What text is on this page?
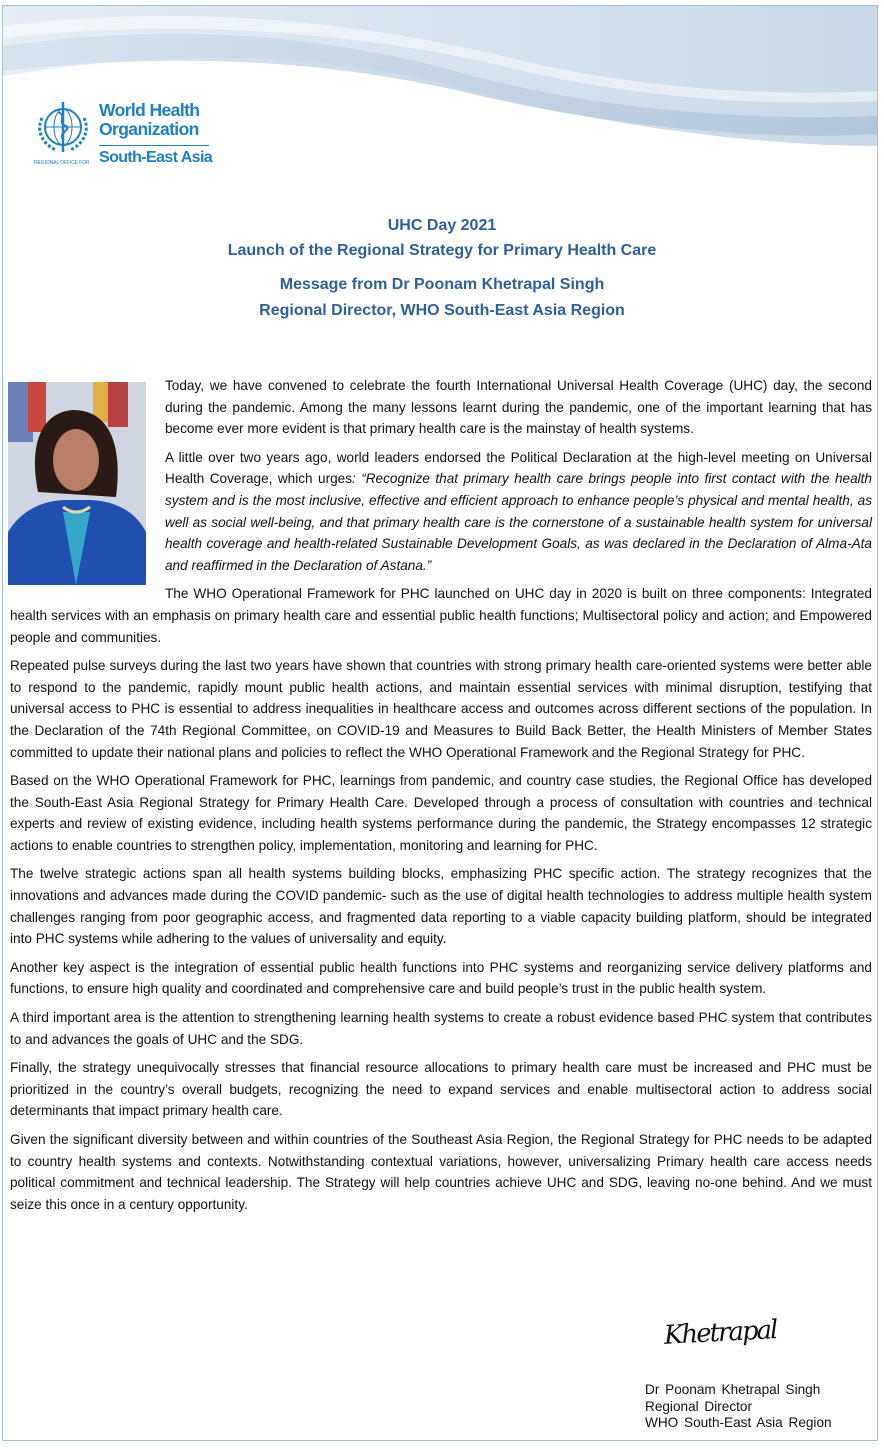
World Health
Organization
REGIONAL OFFICE FOR South-East Asia
UHC Day 2021
Launch of the Regional Strategy for Primary Health Care
Message from Dr Poonam Khetrapal Singh
Regional Director, WHO South-East Asia Region

Today, we have convened to celebrate the fourth International Universal Health Coverage (UHC) day, the second during the pandemic. Among the many lessons learnt during the pandemic, one of the important learning that has become ever more evident is that primary health care is the mainstay of health systems.

A little over two years ago, world leaders endorsed the Political Declaration at the high-level meeting on Universal Health Coverage, which urges: “Recognize that primary health care brings people into first contact with the health system and is the most inclusive, effective and efficient approach to enhance people’s physical and mental health, as well as social well-being, and that primary health care is the cornerstone of a sustainable health system for universal health coverage and health-related Sustainable Development Goals, as was declared in the Declaration of Alma-Ata and reaffirmed in the Declaration of Astana.”

The WHO Operational Framework for PHC launched on UHC day in 2020 is built on three components: Integrated health services with an emphasis on primary health care and essential public health functions; Multisectoral policy and action; and Empowered people and communities.

Repeated pulse surveys during the last two years have shown that countries with strong primary health care-oriented systems were better able to respond to the pandemic, rapidly mount public health actions, and maintain essential services with minimal disruption, testifying that universal access to PHC is essential to address inequalities in healthcare access and outcomes across different sections of the population. In the Declaration of the 74th Regional Committee, on COVID-19 and Measures to Build Back Better, the Health Ministers of Member States committed to update their national plans and policies to reflect the WHO Operational Framework and the Regional Strategy for PHC.

Based on the WHO Operational Framework for PHC, learnings from pandemic, and country case studies, the Regional Office has developed the South-East Asia Regional Strategy for Primary Health Care. Developed through a process of consultation with countries and technical experts and review of existing evidence, including health systems performance during the pandemic, the Strategy encompasses 12 strategic actions to enable countries to strengthen policy, implementation, monitoring and learning for PHC.

The twelve strategic actions span all health systems building blocks, emphasizing PHC specific action. The strategy recognizes that the innovations and advances made during the COVID pandemic- such as the use of digital health technologies to address multiple health system challenges ranging from poor geographic access, and fragmented data reporting to a viable capacity building platform, should be integrated into PHC systems while adhering to the values of universality and equity.

Another key aspect is the integration of essential public health functions into PHC systems and reorganizing service delivery platforms and functions, to ensure high quality and coordinated and comprehensive care and build people’s trust in the public health system.

A third important area is the attention to strengthening learning health systems to create a robust evidence based PHC system that contributes to and advances the goals of UHC and the SDG.

Finally, the strategy unequivocally stresses that financial resource allocations to primary health care must be increased and PHC must be prioritized in the country’s overall budgets, recognizing the need to expand services and enable multisectoral action to address social determinants that impact primary health care.

Given the significant diversity between and within countries of the Southeast Asia Region, the Regional Strategy for PHC needs to be adapted to country health systems and contexts. Notwithstanding contextual variations, however, universalizing Primary health care access needs political commitment and technical leadership. The Strategy will help countries achieve UHC and SDG, leaving no-one behind. And we must seize this once in a century opportunity.

Khetrapal
Dr Poonam Khetrapal Singh
Regional Director
WHO South-East Asia Region
